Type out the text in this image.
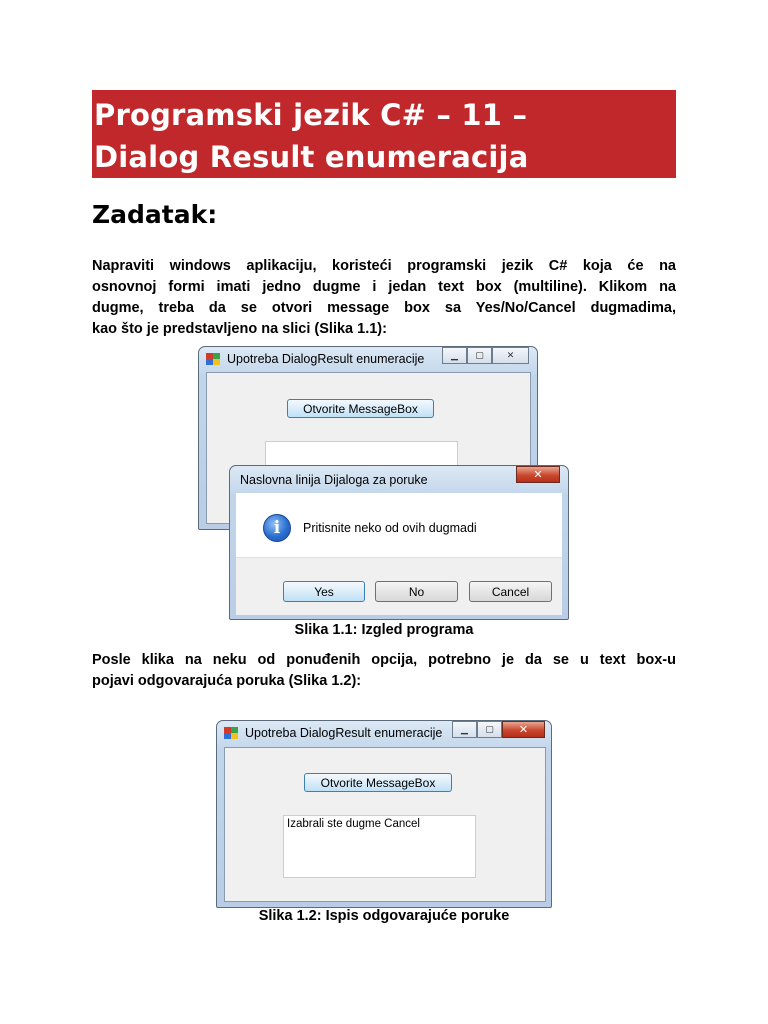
Programski jezik C# – 11 –
Dialog Result enumeracija
Zadatak:
Napraviti windows aplikaciju, koristeći programski jezik C# koja će na
osnovnoj formi imati jedno dugme i jedan text box (multiline). Klikom na
dugme, treba da se otvori message box sa Yes/No/Cancel dugmadima,
kao što je predstavljeno na slici (Slika 1.1):
Upotreba DialogResult enumeracije	▁	▢	✕
Otvorite MessageBox
Naslovna linija Dijaloga za poruke	✕
i	Pritisnite neko od ovih dugmadi
Yes	No	Cancel
Slika 1.1: Izgled programa
Posle klika na neku od ponuđenih opcija, potrebno je da se u text box-u
pojavi odgovarajuća poruka (Slika 1.2):
Upotreba DialogResult enumeracije	▁	▢	✕
Otvorite MessageBox
Izabrali ste dugme Cancel
Slika 1.2: Ispis odgovarajuće poruke
